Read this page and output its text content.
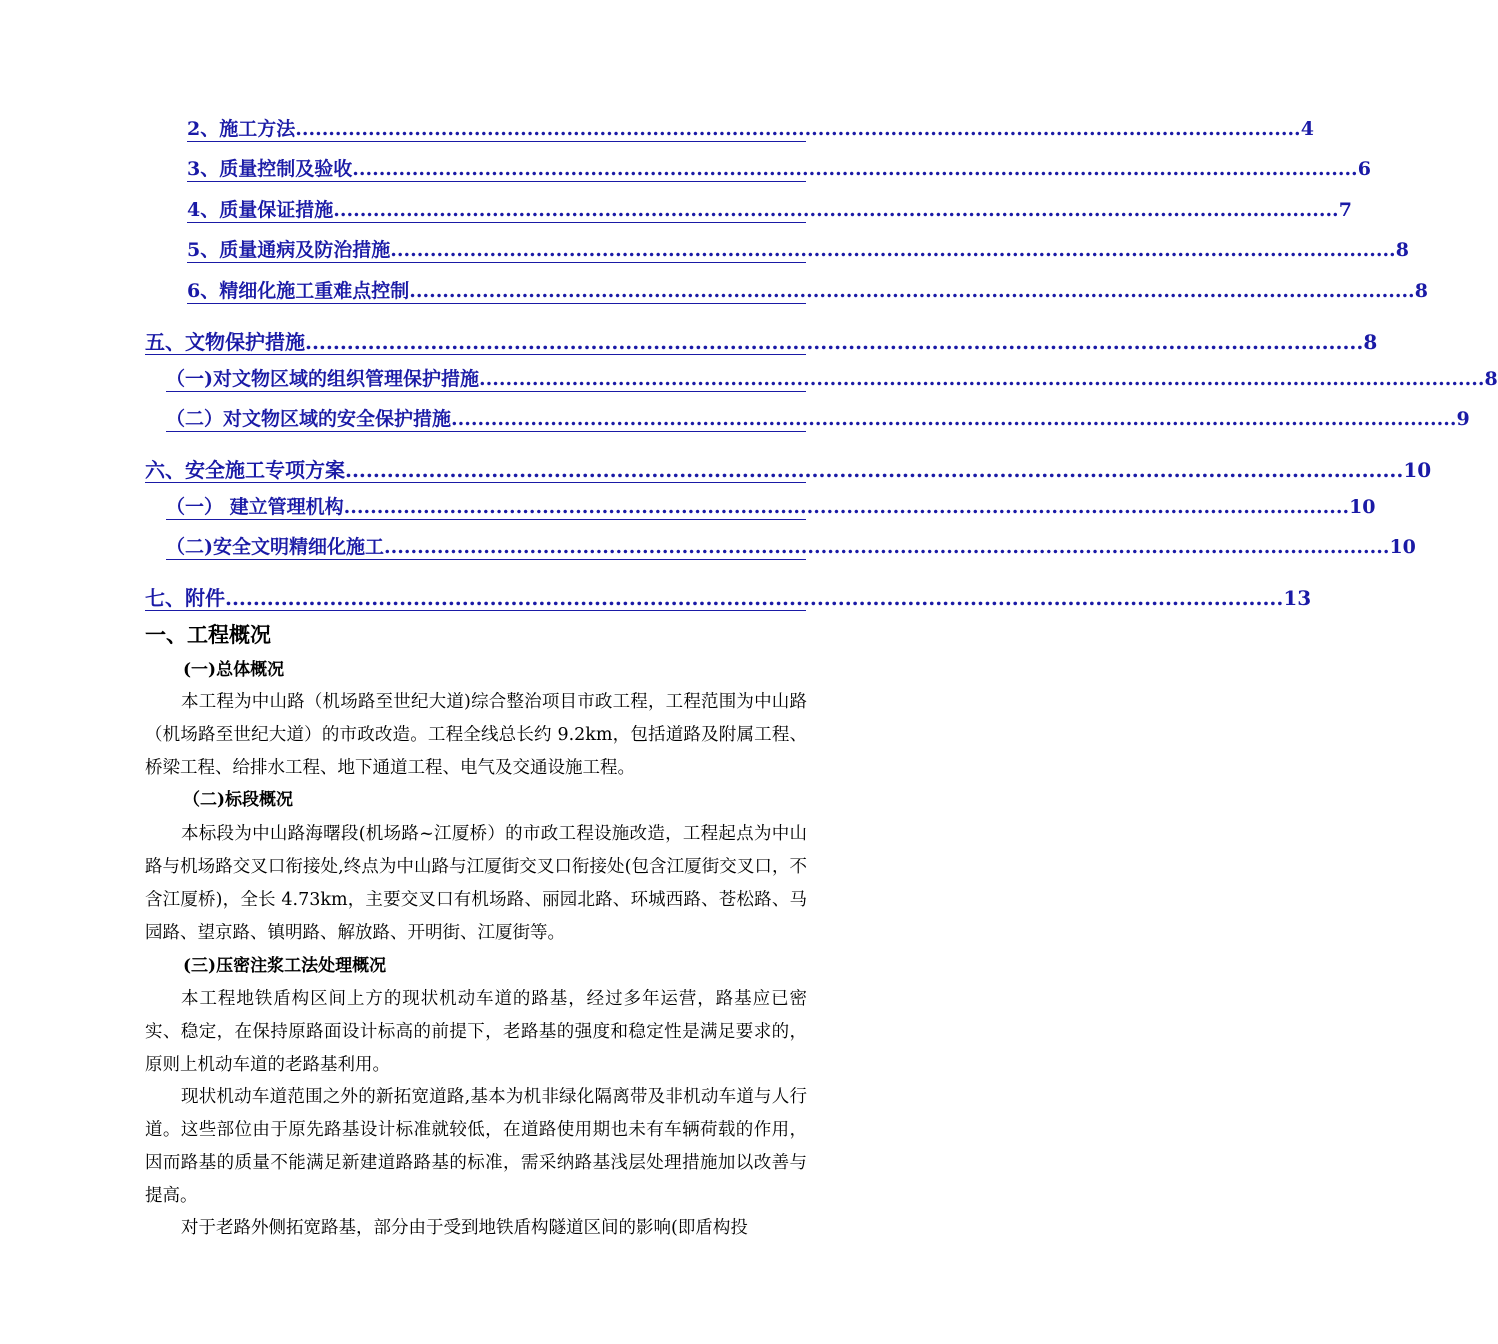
2、施工方法 ........................................................................................................................................................ 4
3、质量控制及验收 ........................................................................................................................................................ 6
4、质量保证措施 ........................................................................................................................................................ 7
5、质量通病及防治措施 ........................................................................................................................................................ 8
6、精细化施工重难点控制 ........................................................................................................................................................ 8
五、文物保护措施 ........................................................................................................................................................ 8
（一)对文物区域的组织管理保护措施 ........................................................................................................................................................ 8
（二）对文物区域的安全保护措施 ........................................................................................................................................................ 9
六、安全施工专项方案 ........................................................................................................................................................ 10
（一） 建立管理机构 ........................................................................................................................................................ 10
（二)安全文明精细化施工 ........................................................................................................................................................ 10
七、附件 ........................................................................................................................................................ 13
一、工程概况
(一)总体概况
本工程为中山路（机场路至世纪大道)综合整治项目市政工程，工程范围为中山路（机场路至世纪大道）的市政改造。工程全线总长约 9.2km，包括道路及附属工程、桥梁工程、给排水工程、地下通道工程、电气及交通设施工程。
（二)标段概况
本标段为中山路海曙段(机场路~江厦桥）的市政工程设施改造，工程起点为中山路与机场路交叉口衔接处,终点为中山路与江厦街交叉口衔接处(包含江厦街交叉口，不含江厦桥)，全长 4.73km，主要交叉口有机场路、丽园北路、环城西路、苍松路、马园路、望京路、镇明路、解放路、开明街、江厦街等。
(三)压密注浆工法处理概况
本工程地铁盾构区间上方的现状机动车道的路基，经过多年运营，路基应已密实、稳定，在保持原路面设计标高的前提下，老路基的强度和稳定性是满足要求的，原则上机动车道的老路基利用。
现状机动车道范围之外的新拓宽道路,基本为机非绿化隔离带及非机动车道与人行道。这些部位由于原先路基设计标准就较低，在道路使用期也未有车辆荷载的作用，因而路基的质量不能满足新建道路路基的标准，需采纳路基浅层处理措施加以改善与提高。
对于老路外侧拓宽路基，部分由于受到地铁盾构隧道区间的影响(即盾构投
